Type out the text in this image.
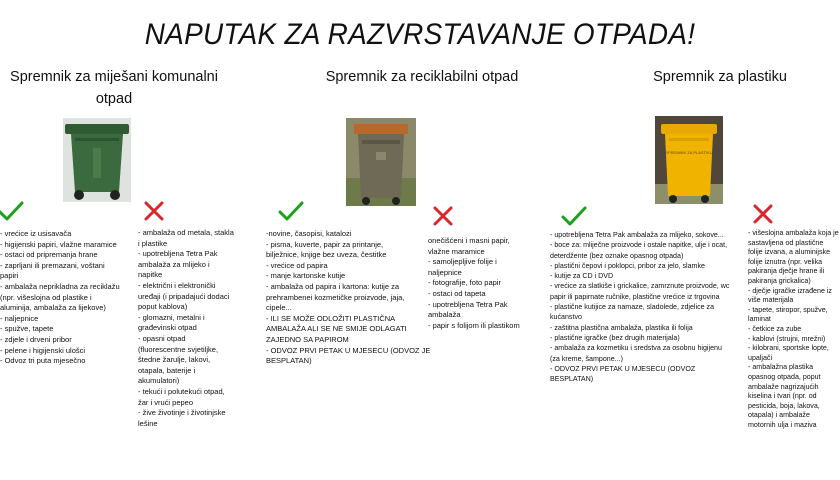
NAPUTAK ZA RAZVRSTAVANJE OTPADA!
Spremnik za miješani komunalni
otpad
Spremnik za reciklabilni otpad	Spremnik za plastiku
SPREMNIK ZA PLASTIKU
- vrećice iz usisavača
- higijenski papiri, vlažne maramice
- ostaci od pripremanja hrane
- zaprljani ili premazani, voštani
papiri
- ambalaža neprikladna za reciklažu
(npr. višeslojna od plastike i
aluminija, ambalaža za lijekove)
- naljepnice
- spužve, tapete
- zdjele i drveni pribor
- pelene i higijenski ulošci
- Odvoz tri puta mjesečno
- ambalaža od metala, stakla
i plastike
- upotrebljena Tetra Pak
ambalaža za mlijeko i
napitke
- električni i elektronički
uređaji (i pripadajući dodaci
poput kablova)
- glomazni, metalni i
građevinski otpad
- opasni otpad
(fluorescentne svjetiljke,
štedne žarulje, lakovi,
otapala, baterije i
akumulatori)
- tekući i polutekući otpad,
žar i vrući pepeo
- žive životinje i životinjske
lešine
-novine, časopisi, katalozi
- pisma, kuverte, papir za printanje,
bilježnice, knjige bez uveza, čestitke
- vrećice od papira
- manje kartonske kutije
- ambalaža od papira i kartona: kutije za
prehrambenei kozmetičke proizvode, jaja,
cipele...
- ILI SE MOŽE ODLOŽITI PLASTIČNA
AMBALAŽA ALI SE NE SMIJE ODLAGATI
ZAJEDNO SA PAPIROM
- ODVOZ PRVI PETAK U MJESECU (ODVOZ JE
BESPLATAN)
onečišćeni i masni papir,
vlažne maramice
- samoljepljive folije i
naljepnice
- fotografije, foto papir
- ostaci od tapeta
- upotrebljena Tetra Pak
ambalaža
- papir s folijom ili plastikom
- upotrebljena Tetra Pak ambalaža za mlijeko, sokove...
- boce za: mliječne proizvode i ostale napitke, ulje i ocat,
deterdžente (bez oznake opasnog otpada)
- plastični čepovi i poklopci, pribor za jelo, slamke
- kutije za CD i DVD
- vrećice za slatkiše i grickalice, zamrznute proizvode, wc
papir ili papirnate ručnike, plastične vrećice iz trgovina
- plastične kutijice za namaze, sladolede, zdjelice za
kućanstvo
- zaštitna plastična ambalaža, plastika ili folija
- plastične igračke (bez drugih materijala)
- ambalaža za kozmetiku i sredstva za osobnu higijenu
(za kreme, šampone...)
- ODVOZ PRVI PETAK U MJESECU (ODVOZ
BESPLATAN)
- višeslojna ambalaža koja je
sastavljena od plastične
folije izvana, a aluminijske
folije iznutra (npr. velika
pakiranja dječje hrane ili
pakiranja grickalica)
- dječje igračke izrađene iz
više materijala
- tapete, stiropor, spužve,
laminat
- četkice za zube
- kablovi (strujni, mrežni)
- kilobrani, sportske lopte,
upaljači
- ambalažna plastika
opasnog otpada, poput
ambalaže nagrizajućih
kiselina i tvari (npr. od
pesticida, boja, lakova,
otapala) i ambalaže
motornih ulja i maziva
